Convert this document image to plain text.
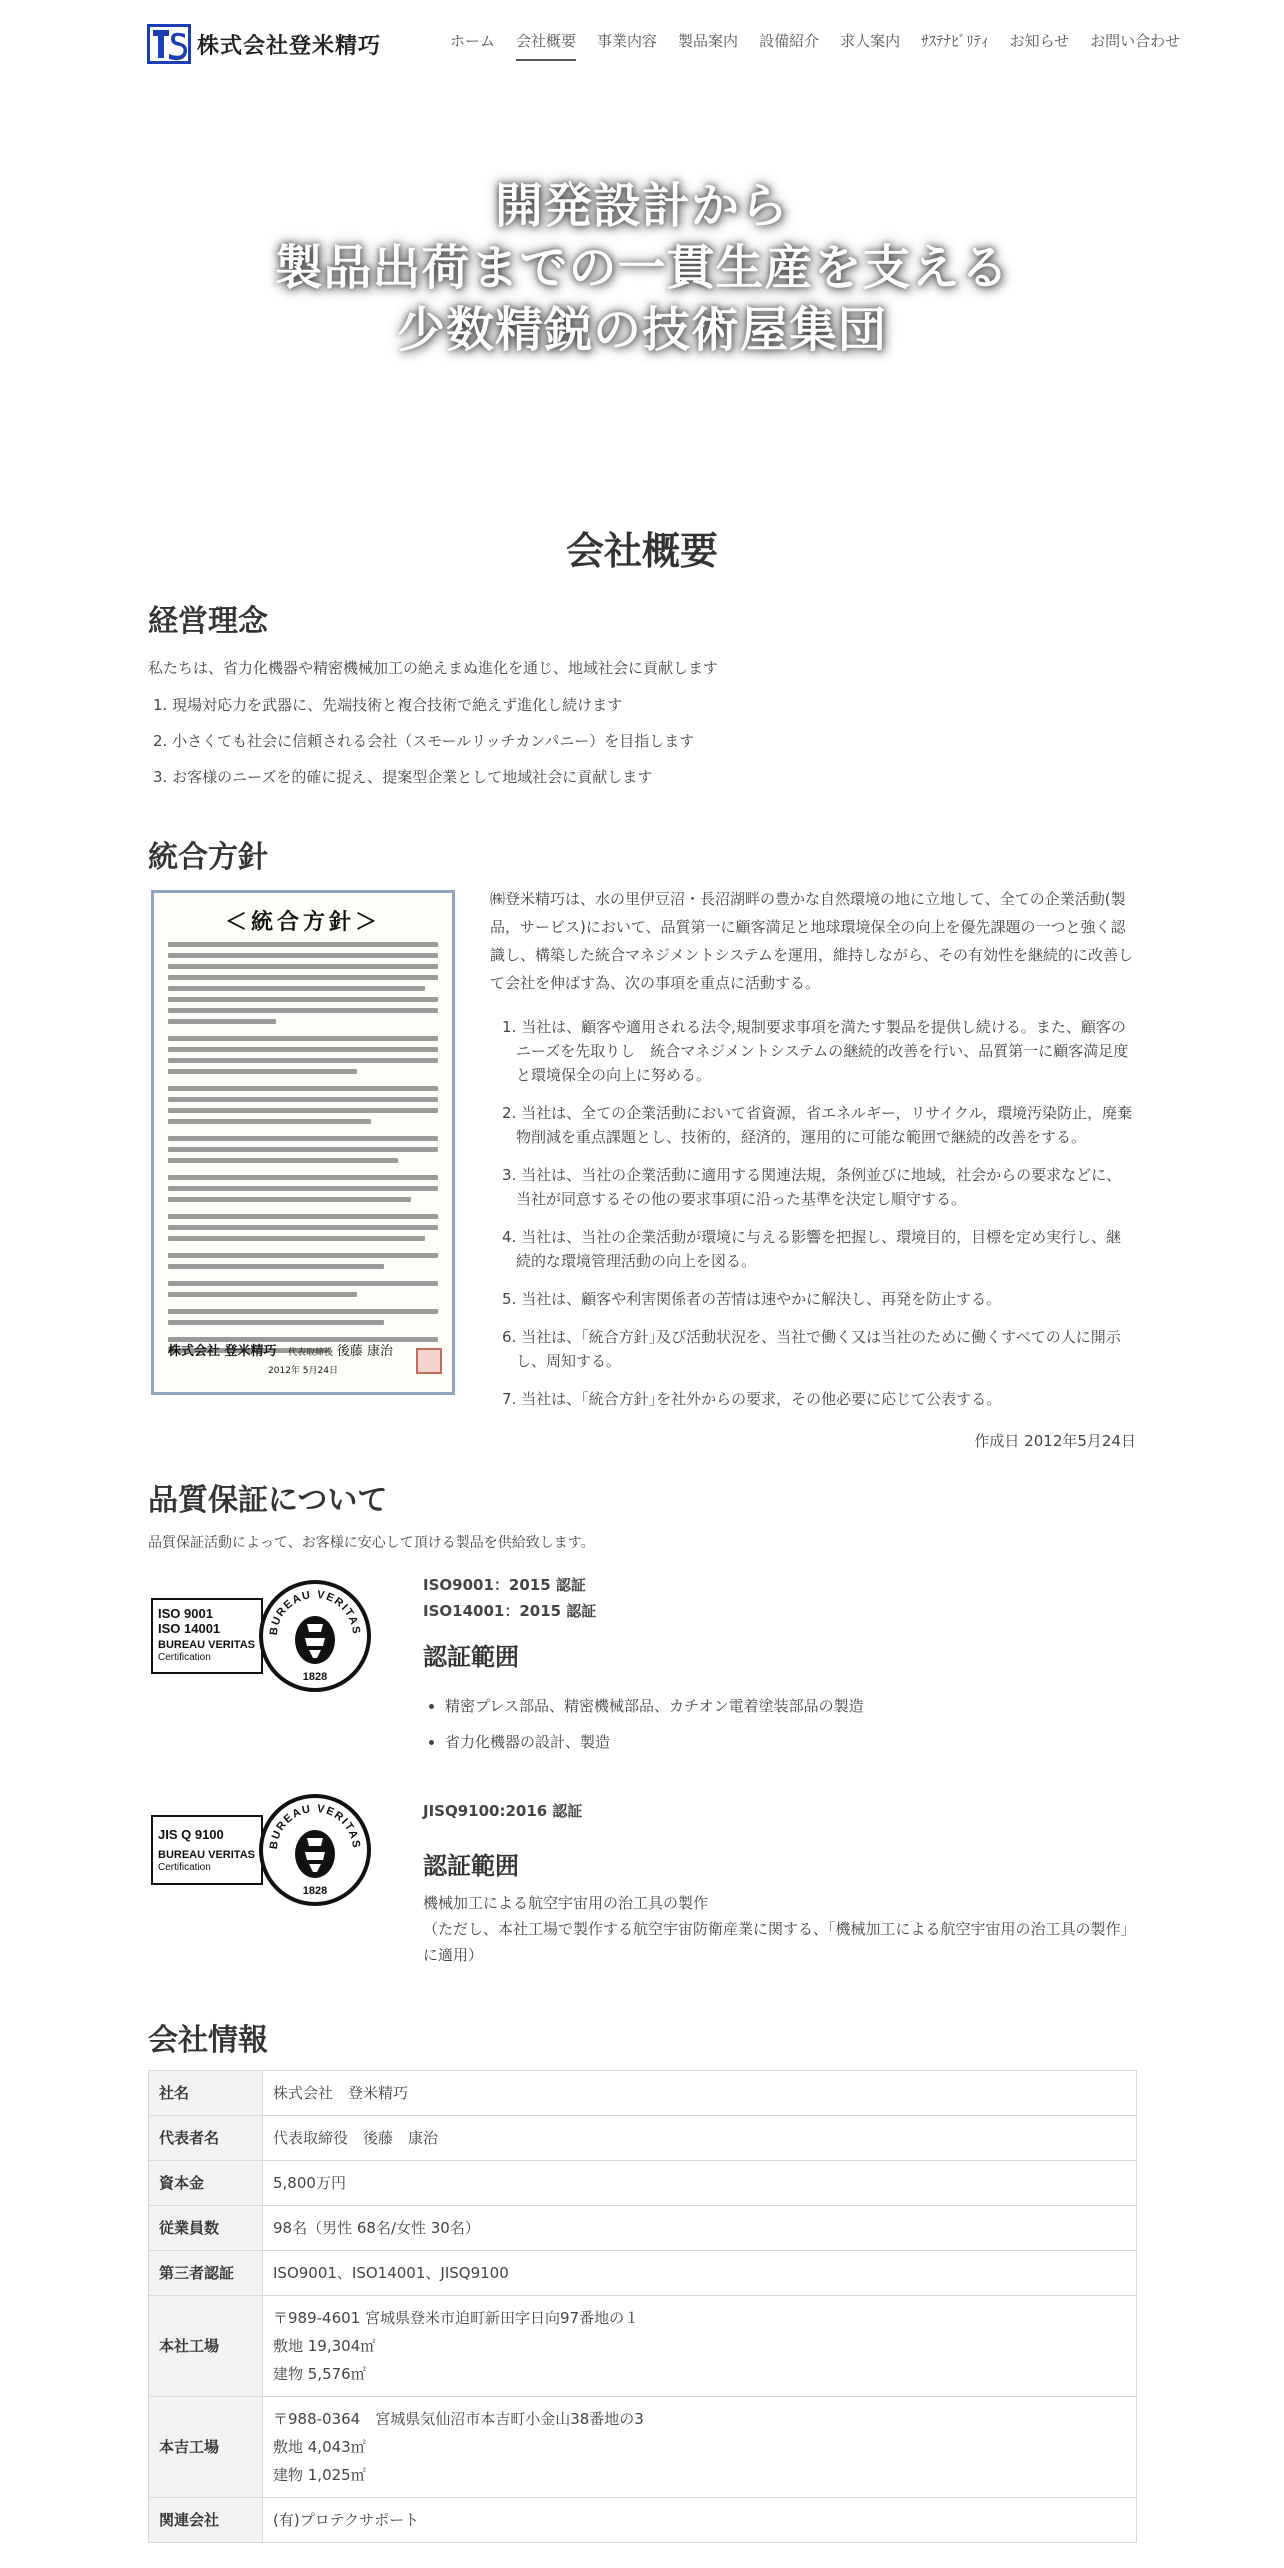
株式会社登米精巧	ホーム 会社概要 事業内容 製品案内 設備紹介 求人案内 ｻｽﾃﾅﾋﾞﾘﾃｨ お知らせ お問い合わせ
開発設計から
製品出荷までの一貫生産を支える
少数精鋭の技術屋集団
会社概要
経営理念
私たちは、省力化機器や精密機械加工の絶えまぬ進化を通じ、地域社会に貢献します
1. 現場対応力を武器に、先端技術と複合技術で絶えず進化し続けます
2. 小さくても社会に信頼される会社（スモールリッチカンパニー）を目指します
3. お客様のニーズを的確に捉え、提案型企業として地域社会に貢献します
統合方針
＜統合方針＞
株式会社 登米精巧 代表取締役 後藤 康治
2012年 5月24日
㈱登米精巧は、水の里伊豆沼・長沼湖畔の豊かな自然環境の地に立地して、全ての企業活動(製品，サービス)において、品質第一に顧客満足と地球環境保全の向上を優先課題の一つと強く認識し、構築した統合マネジメントシステムを運用，維持しながら、その有効性を継続的に改善して会社を伸ばす為、次の事項を重点に活動する。
1. 当社は、顧客や適用される法令,規制要求事項を満たす製品を提供し続ける。また、顧客のニーズを先取りし　統合マネジメントシステムの継続的改善を行い、品質第一に顧客満足度と環境保全の向上に努める。
2. 当社は、全ての企業活動において省資源，省エネルギー，リサイクル，環境汚染防止，廃棄物削減を重点課題とし、技術的，経済的，運用的に可能な範囲で継続的改善をする。
3. 当社は、当社の企業活動に適用する関連法規，条例並びに地域，社会からの要求などに、当社が同意するその他の要求事項に沿った基準を決定し順守する。
4. 当社は、当社の企業活動が環境に与える影響を把握し、環境目的，目標を定め実行し、継続的な環境管理活動の向上を図る。
5. 当社は、顧客や利害関係者の苦情は速やかに解決し、再発を防止する。
6. 当社は、｢統合方針｣及び活動状況を、当社で働く又は当社のために働くすべての人に開示し、周知する。
7. 当社は、｢統合方針｣を社外からの要求，その他必要に応じて公表する。
作成日 2012年5月24日
品質保証について
品質保証活動によって、お客様に安心して頂ける製品を供給致します。
ISO 9001
ISO 14001
BUREAU VERITAS
Certification
BUREAU VERITAS
1828
ISO9001：2015 認証
ISO14001：2015 認証
認証範囲
精密プレス部品、精密機械部品、カチオン電着塗装部品の製造
省力化機器の設計、製造
JIS Q 9100
BUREAU VERITAS
Certification
BUREAU VERITAS
1828
JISQ9100:2016 認証
認証範囲
機械加工による航空宇宙用の治工具の製作
（ただし、本社工場で製作する航空宇宙防衛産業に関する、「機械加工による航空宇宙用の治工具の製作」に適用）
会社情報
社名	株式会社　登米精巧

代表者名	代表取締役　後藤　康治

資本金	5,800万円

従業員数	98名（男性 68名/女性 30名）

第三者認証	ISO9001、ISO14001、JISQ9100

本社工場	〒989-4601 宮城県登米市迫町新田字日向97番地の１
敷地 19,304㎡
建物 5,576㎡

本吉工場	〒988-0364　宮城県気仙沼市本吉町小金山38番地の3
敷地 4,043㎡
建物 1,025㎡

関連会社	(有)プロテクサポート
